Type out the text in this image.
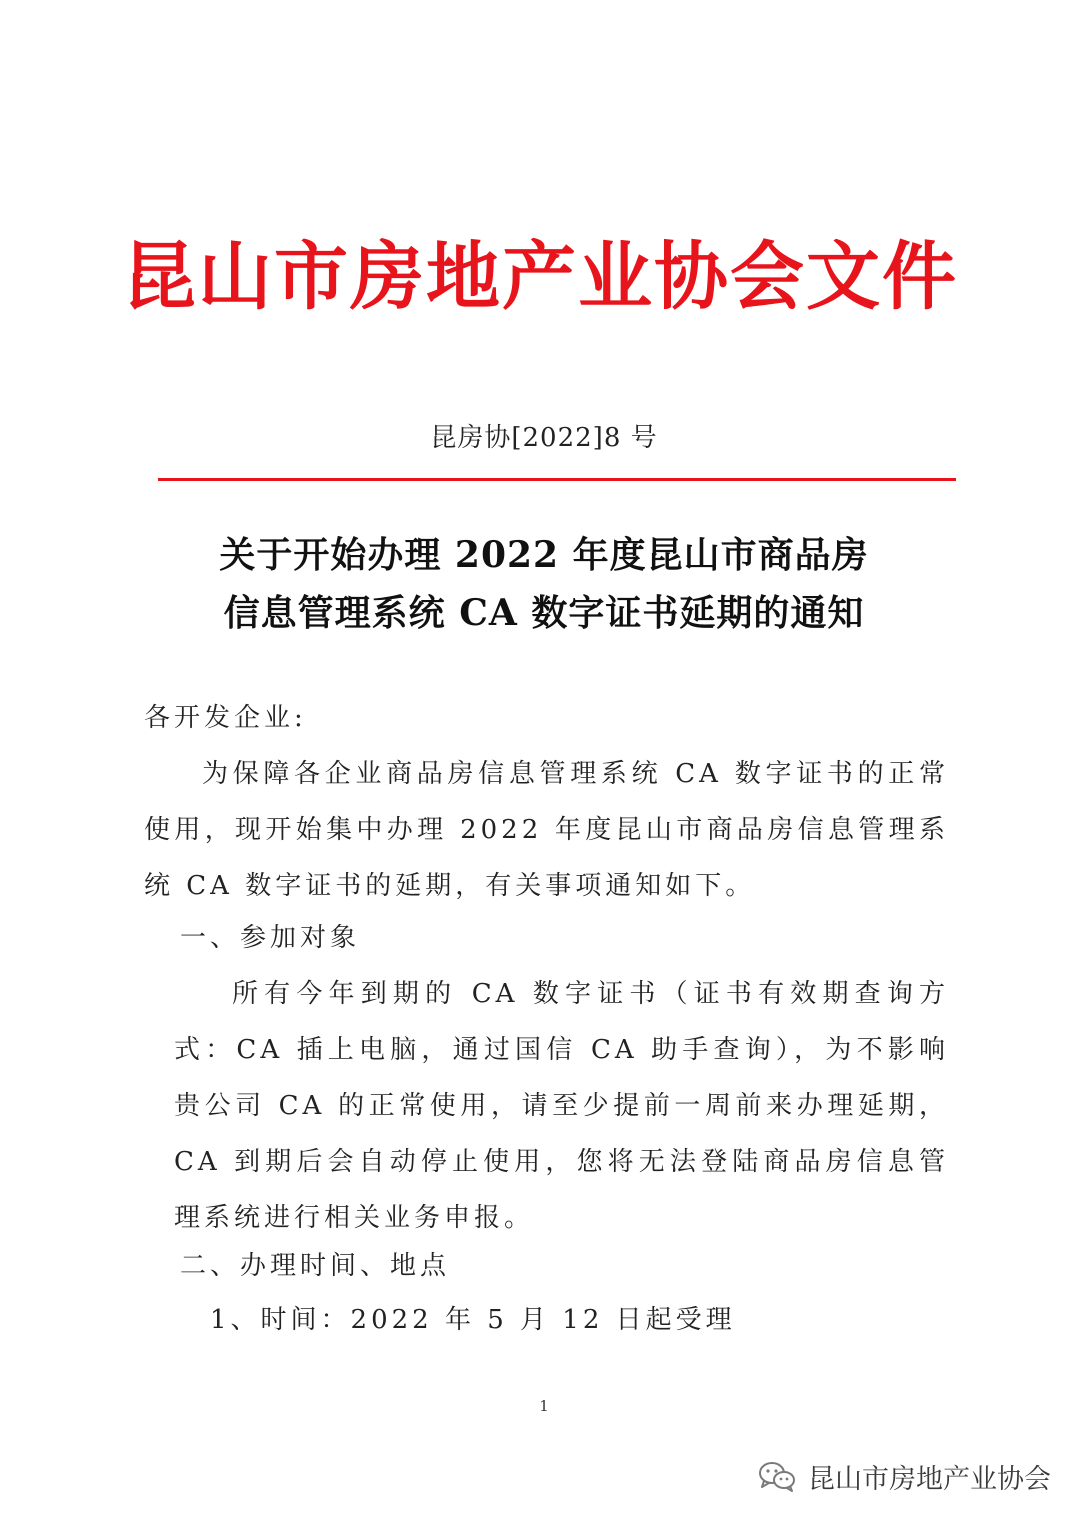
昆山市房地产业协会文件
昆房协[2022]8 号
关于开始办理 2022 年度昆山市商品房
信息管理系统 CA 数字证书延期的通知
各开发企业:
为保障各企业商品房信息管理系统 CA 数字证书的正常使用，现开始集中办理 2022 年度昆山市商品房信息管理系统 CA 数字证书的延期，有关事项通知如下。
一、参加对象
所有今年到期的 CA 数字证书（证书有效期查询方式：CA 插上电脑，通过国信 CA 助手查询），为不影响贵公司 CA 的正常使用，请至少提前一周前来办理延期，CA 到期后会自动停止使用，您将无法登陆商品房信息管理系统进行相关业务申报。
二、办理时间、地点
1、时间：2022 年 5 月 12 日起受理
1
昆山市房地产业协会
